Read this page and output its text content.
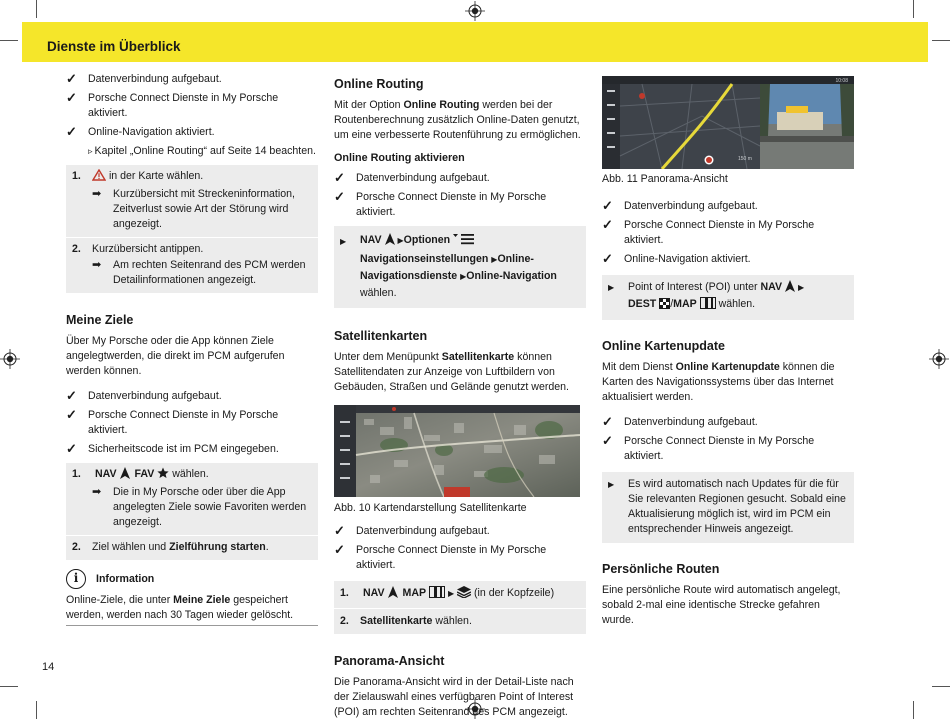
Dienste im Überblick
✓ Datenverbindung aufgebaut.
✓ Porsche Connect Dienste in My Porsche aktiviert.
✓ Online-Navigation aktiviert.
▹ Kapitel „Online Routing“ auf Seite 14 beachten.
1. in der Karte wählen.
➡ Kurzübersicht mit Streckeninformation, Zeitverlust sowie Art der Störung wird angezeigt.
2. Kurzübersicht antippen.
➡ Am rechten Seitenrand des PCM werden Detailinformationen angezeigt.
Meine Ziele

Über My Porsche oder die App können Ziele angelegtwerden, die direkt im PCM aufgerufen werden können.

✓ Datenverbindung aufgebaut.
✓ Porsche Connect Dienste in My Porsche aktiviert.
✓ Sicherheitscode ist im PCM eingegeben.
1. NAV FAV  wählen.
➡ Die in My Porsche oder über die App angelegten Ziele sowie Favoriten werden angezeigt.
2. Ziel wählen und Zielführung starten.
i	Information
Online-Ziele, die unter Meine Ziele gespeichert werden, werden nach 30 Tagen wieder gelöscht.
Online Routing

Mit der Option Online Routing werden bei der Routenberechnung zusätzlich Online-Daten genutzt, um eine verbesserte Routenführung zu ermöglichen.

Online Routing aktivieren
✓ Datenverbindung aufgebaut.
✓ Porsche Connect Dienste in My Porsche aktiviert.
▶ NAV ▶Optionen  Navigationseinstellungen ▶Online-Navigationsdienste ▶Online-Navigation wählen.
Satellitenkarten

Unter dem Menüpunkt Satellitenkarte können Satellitendaten zur Anzeige von Luftbildern von Gebäuden, Straßen und Gelände genutzt werden.

Abb. 10 Kartendarstellung Satellitenkarte
✓ Datenverbindung aufgebaut.
✓ Porsche Connect Dienste in My Porsche aktiviert.
1. NAV MAP	▶ (in der Kopfzeile)
2. Satellitenkarte wählen.
Panorama-Ansicht

Die Panorama-Ansicht wird in der Detail-Liste nach der Zielauswahl eines verfügbaren Point of Interest (POI) am rechten Seitenrand des PCM angezeigt.

10:08
150 m
Abb. 11 Panorama-Ansicht
✓ Datenverbindung aufgebaut.
✓ Porsche Connect Dienste in My Porsche aktiviert.
✓ Online-Navigation aktiviert.
▶ Point of Interest (POI) unter NAV ▶
DEST /MAP  wählen.
Online Kartenupdate

Mit dem Dienst Online Kartenupdate können die Karten des Navigationssystems über das Internet aktualisiert werden.

✓ Datenverbindung aufgebaut.
✓ Porsche Connect Dienste in My Porsche aktiviert.
▶ Es wird automatisch nach Updates für die für Sie relevanten Regionen gesucht. Sobald eine Aktualisierung möglich ist, wird im PCM ein entsprechender Hinweis angezeigt.
Persönliche Routen

Eine persönliche Route wird automatisch angelegt, sobald 2-mal eine identische Strecke gefahren wurde.

14
